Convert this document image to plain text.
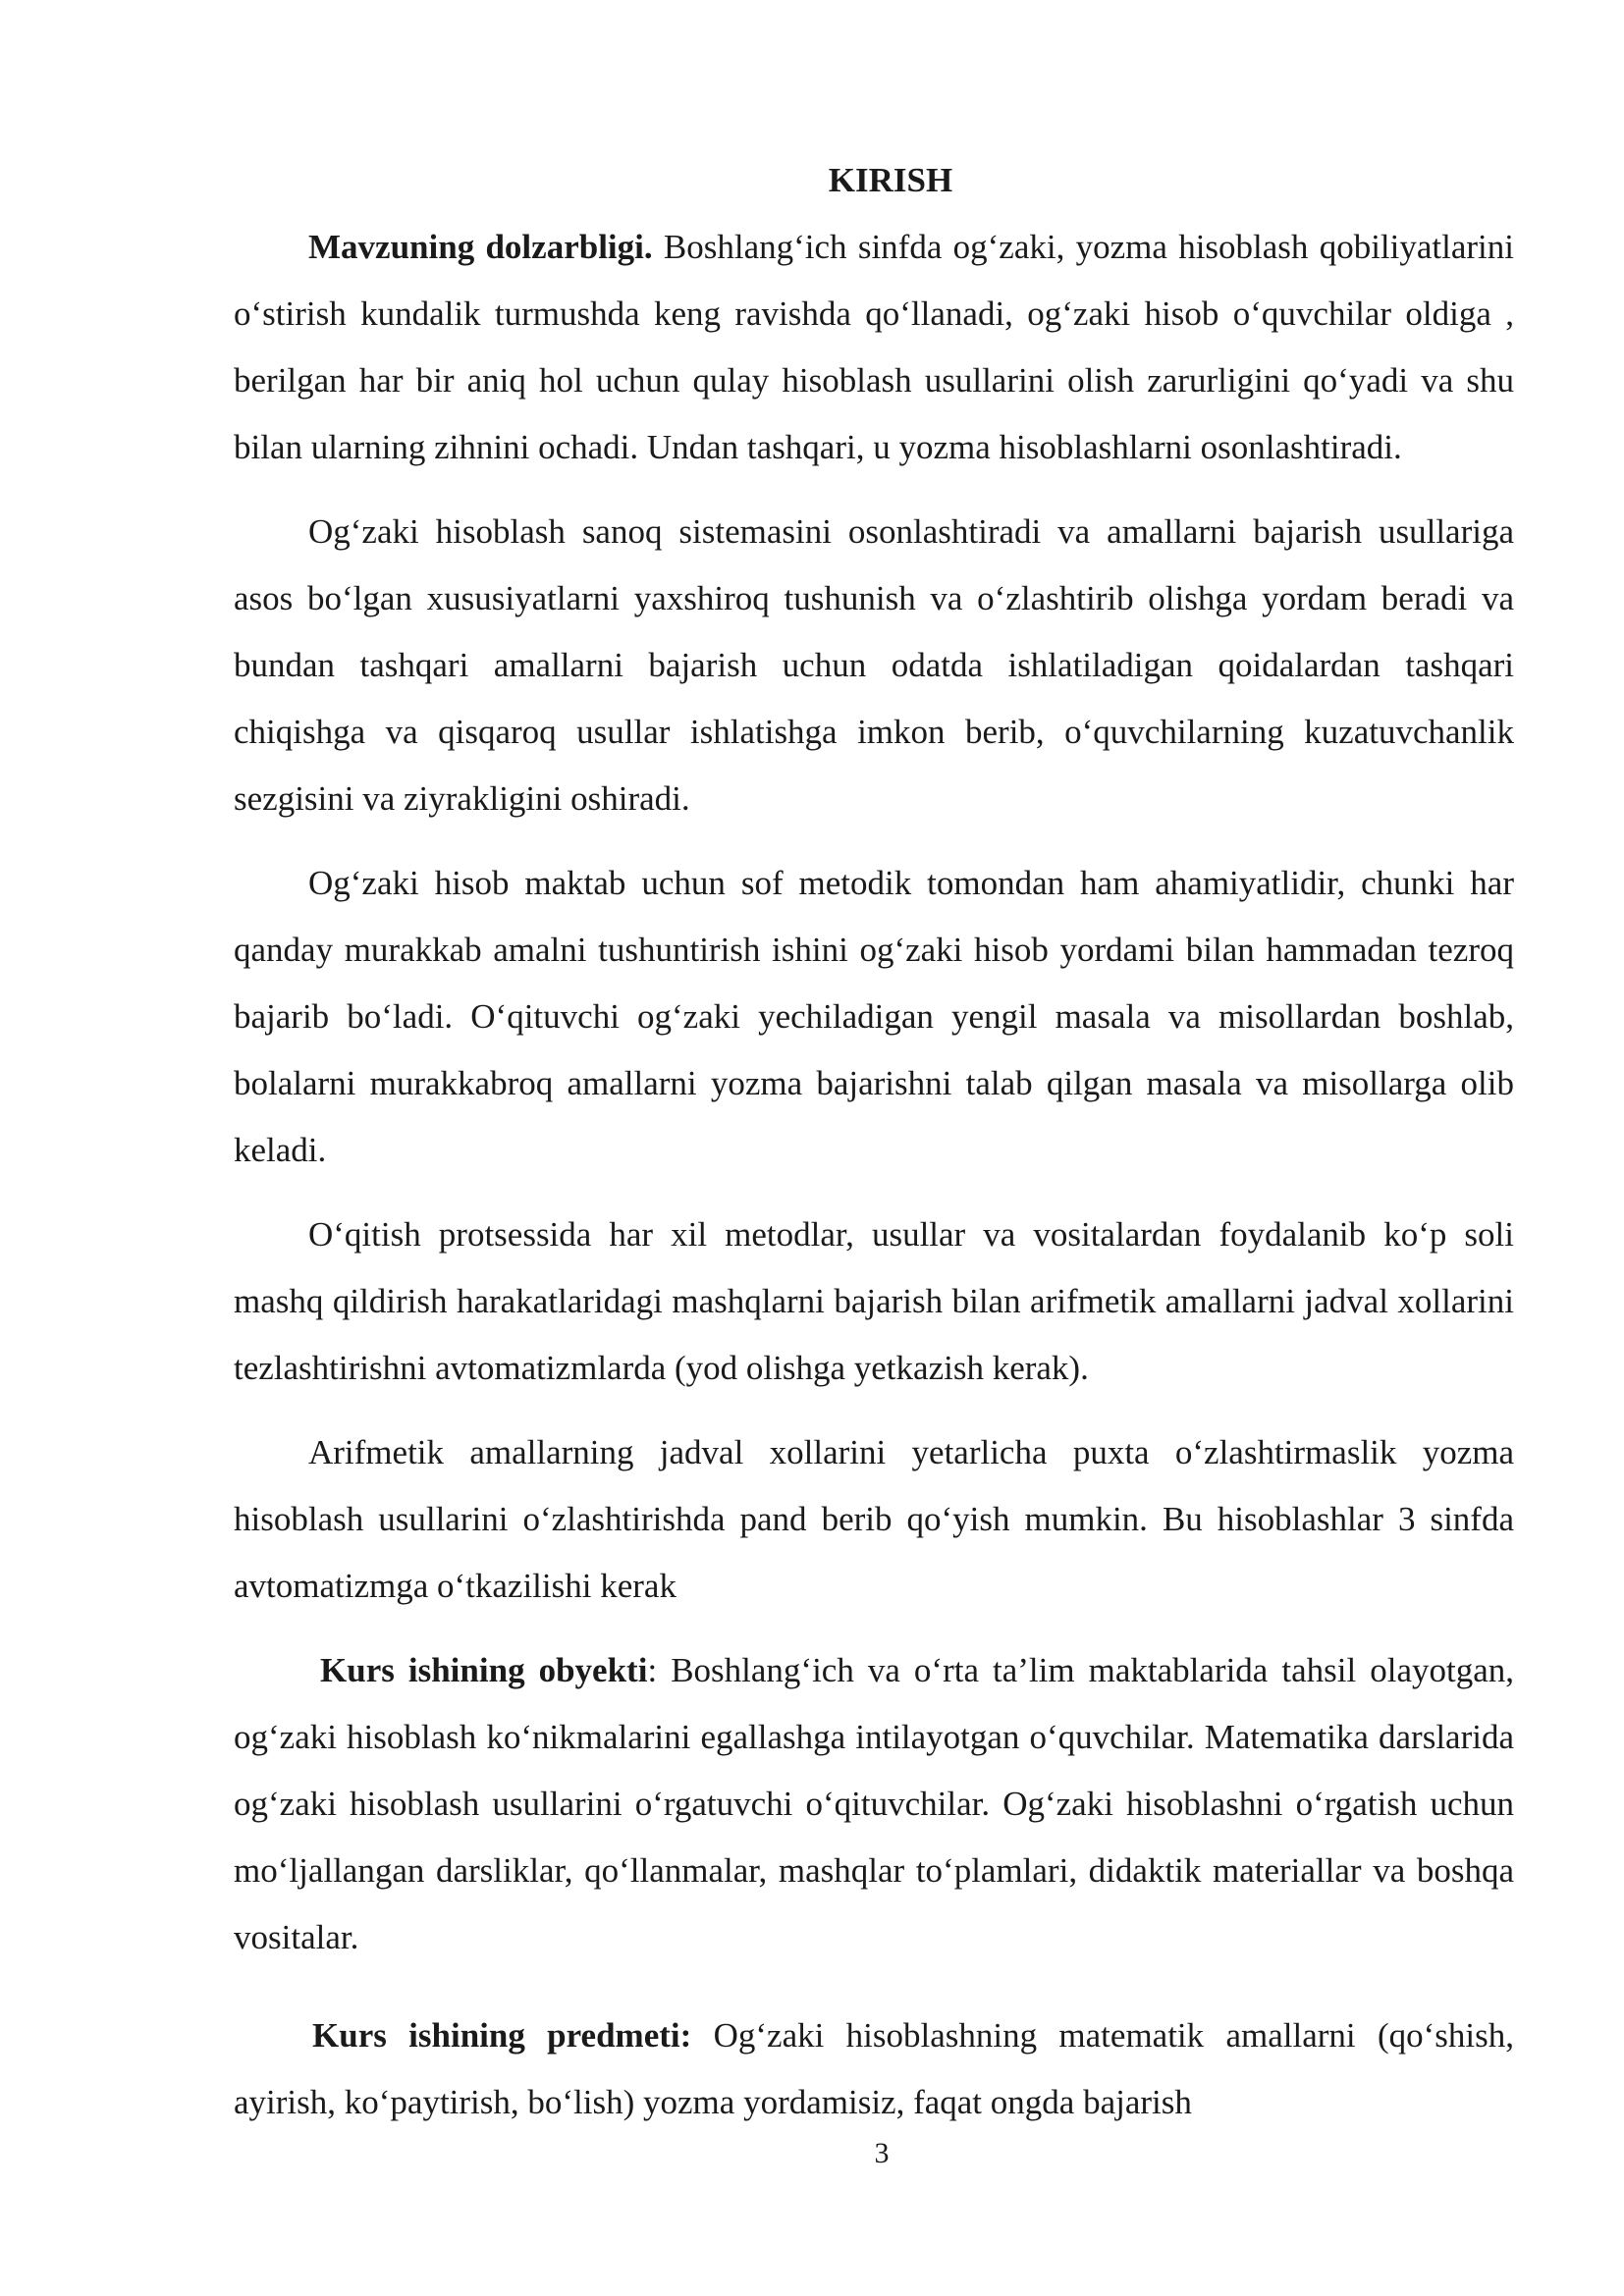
KIRISH

Mavzuning dolzarbligi. Boshlang‘ich sinfda og‘zaki, yozma hisoblash qobiliyatlarini o‘stirish kundalik turmushda keng ravishda qo‘llanadi, og‘zaki hisob o‘quvchilar oldiga , berilgan har bir aniq hol uchun qulay hisoblash usullarini olish zarurligini qo‘yadi va shu bilan ularning zihnini ochadi. Undan tashqari, u yozma hisoblashlarni osonlashtiradi.

Og‘zaki hisoblash sanoq sistemasini osonlashtiradi va amallarni bajarish usullariga asos bo‘lgan xususiyatlarni yaxshiroq tushunish va o‘zlashtirib olishga yordam beradi va bundan tashqari amallarni bajarish uchun odatda ishlatiladigan qoidalardan tashqari chiqishga va qisqaroq usullar ishlatishga imkon berib, o‘quvchilarning kuzatuvchanlik sezgisini va ziyrakligini oshiradi.

Og‘zaki hisob maktab uchun sof metodik tomondan ham ahamiyatlidir, chunki har qanday murakkab amalni tushuntirish ishini og‘zaki hisob yordami bilan hammadan tezroq bajarib bo‘ladi. O‘qituvchi og‘zaki yechiladigan yengil masala va misollardan boshlab, bolalarni murakkabroq amallarni yozma bajarishni talab qilgan masala va misollarga olib keladi.

O‘qitish protsessida har xil metodlar, usullar va vositalardan foydalanib ko‘p soli mashq qildirish harakatlaridagi mashqlarni bajarish bilan arifmetik amallarni jadval xollarini tezlashtirishni avtomatizmlarda (yod olishga yetkazish kerak).

Arifmetik amallarning jadval xollarini yetarlicha puxta o‘zlashtirmaslik yozma hisoblash usullarini o‘zlashtirishda pand berib qo‘yish mumkin. Bu hisoblashlar 3 sinfda avtomatizmga o‘tkazilishi kerak

Kurs ishining obyekti: Boshlang‘ich va o‘rta ta’lim maktablarida tahsil olayotgan, og‘zaki hisoblash ko‘nikmalarini egallashga intilayotgan o‘quvchilar. Matematika darslarida og‘zaki hisoblash usullarini o‘rgatuvchi o‘qituvchilar. Og‘zaki hisoblashni o‘rgatish uchun mo‘ljallangan darsliklar, qo‘llanmalar, mashqlar to‘plamlari, didaktik materiallar va boshqa vositalar.

Kurs ishining predmeti: Og‘zaki hisoblashning matematik amallarni (qo‘shish, ayirish, ko‘paytirish, bo‘lish) yozma yordamisiz, faqat ongda bajarish

3
